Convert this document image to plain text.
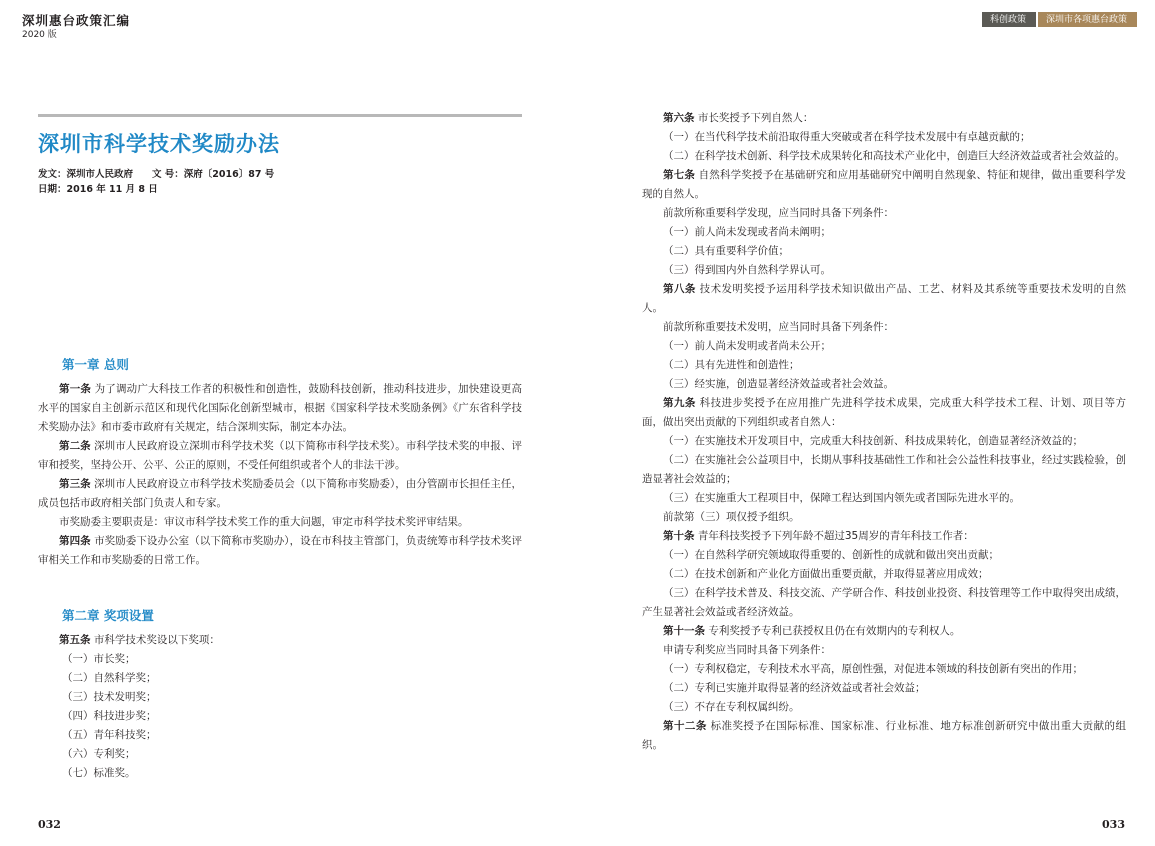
深圳惠台政策汇编
2020 版
科创政策	深圳市各项惠台政策
深圳市科学技术奖励办法
发文：深圳市人民政府　　文 号：深府〔2016〕87 号
日期：2016 年 11 月 8 日
第一章 总则

第一条 为了调动广大科技工作者的积极性和创造性，鼓励科技创新，推动科技进步，加快建设更高水平的国家自主创新示范区和现代化国际化创新型城市，根据《国家科学技术奖励条例》《广东省科学技术奖励办法》和市委市政府有关规定，结合深圳实际，制定本办法。

第二条 深圳市人民政府设立深圳市科学技术奖（以下简称市科学技术奖）。市科学技术奖的申报、评审和授奖，坚持公开、公平、公正的原则，不受任何组织或者个人的非法干涉。

第三条 深圳市人民政府设立市科学技术奖励委员会（以下简称市奖励委），由分管副市长担任主任，成员包括市政府相关部门负责人和专家。

市奖励委主要职责是：审议市科学技术奖工作的重大问题，审定市科学技术奖评审结果。

第四条 市奖励委下设办公室（以下简称市奖励办），设在市科技主管部门，负责统筹市科学技术奖评审相关工作和市奖励委的日常工作。

第二章 奖项设置

第五条 市科学技术奖设以下奖项：

（一）市长奖；

（二）自然科学奖；

（三）技术发明奖；

（四）科技进步奖；

（五）青年科技奖；

（六）专利奖；

（七）标准奖。

第六条 市长奖授予下列自然人：

（一）在当代科学技术前沿取得重大突破或者在科学技术发展中有卓越贡献的；

（二）在科学技术创新、科学技术成果转化和高技术产业化中，创造巨大经济效益或者社会效益的。

第七条 自然科学奖授予在基础研究和应用基础研究中阐明自然现象、特征和规律，做出重要科学发现的自然人。

前款所称重要科学发现，应当同时具备下列条件：

（一）前人尚未发现或者尚未阐明；

（二）具有重要科学价值；

（三）得到国内外自然科学界认可。

第八条 技术发明奖授予运用科学技术知识做出产品、工艺、材料及其系统等重要技术发明的自然人。

前款所称重要技术发明，应当同时具备下列条件：

（一）前人尚未发明或者尚未公开；

（二）具有先进性和创造性；

（三）经实施，创造显著经济效益或者社会效益。

第九条 科技进步奖授予在应用推广先进科学技术成果，完成重大科学技术工程、计划、项目等方面，做出突出贡献的下列组织或者自然人：

（一）在实施技术开发项目中，完成重大科技创新、科技成果转化，创造显著经济效益的；

（二）在实施社会公益项目中，长期从事科技基础性工作和社会公益性科技事业，经过实践检验，创造显著社会效益的；

（三）在实施重大工程项目中，保障工程达到国内领先或者国际先进水平的。

前款第（三）项仅授予组织。

第十条 青年科技奖授予下列年龄不超过35周岁的青年科技工作者：

（一）在自然科学研究领域取得重要的、创新性的成就和做出突出贡献；

（二）在技术创新和产业化方面做出重要贡献，并取得显著应用成效；

（三）在科学技术普及、科技交流、产学研合作、科技创业投资、科技管理等工作中取得突出成绩，产生显著社会效益或者经济效益。

第十一条 专利奖授予专利已获授权且仍在有效期内的专利权人。

申请专利奖应当同时具备下列条件：

（一）专利权稳定，专利技术水平高，原创性强，对促进本领域的科技创新有突出的作用；

（二）专利已实施并取得显著的经济效益或者社会效益；

（三）不存在专利权属纠纷。

第十二条 标准奖授予在国际标准、国家标准、行业标准、地方标准创新研究中做出重大贡献的组织。

032	033
